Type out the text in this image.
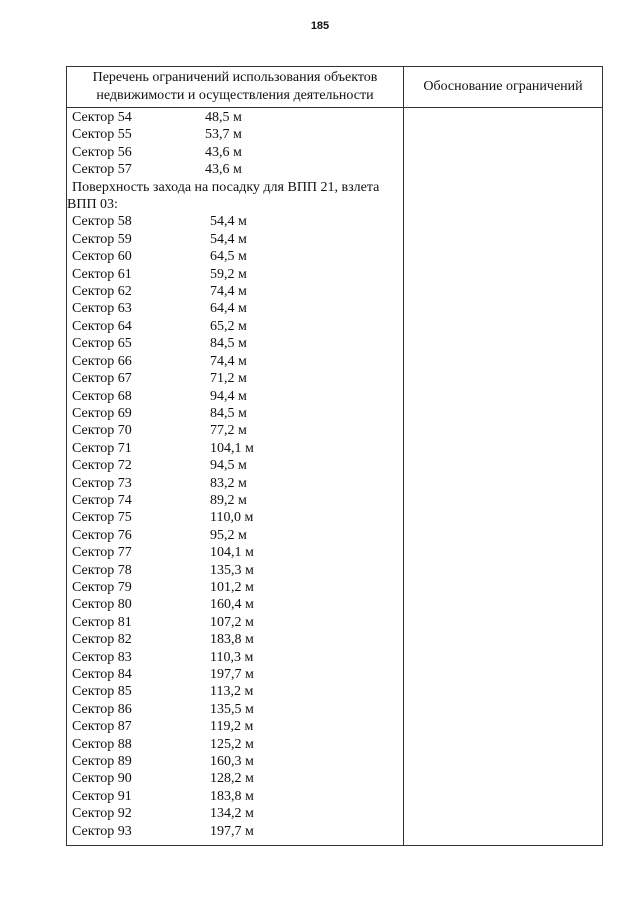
185
Перечень ограничений использования объектов
недвижимости и осуществления деятельности
Обоснование ограничений
Сектор 54	48,5 м
Сектор 55	53,7 м
Сектор 56	43,6 м
Сектор 57	43,6 м
Поверхность захода на посадку для ВПП 21, взлета
ВПП 03:
Сектор 58	54,4 м
Сектор 59	54,4 м
Сектор 60	64,5 м
Сектор 61	59,2 м
Сектор 62	74,4 м
Сектор 63	64,4 м
Сектор 64	65,2 м
Сектор 65	84,5 м
Сектор 66	74,4 м
Сектор 67	71,2 м
Сектор 68	94,4 м
Сектор 69	84,5 м
Сектор 70	77,2 м
Сектор 71	104,1 м
Сектор 72	94,5 м
Сектор 73	83,2 м
Сектор 74	89,2 м
Сектор 75	110,0 м
Сектор 76	95,2 м
Сектор 77	104,1 м
Сектор 78	135,3 м
Сектор 79	101,2 м
Сектор 80	160,4 м
Сектор 81	107,2 м
Сектор 82	183,8 м
Сектор 83	110,3 м
Сектор 84	197,7 м
Сектор 85	113,2 м
Сектор 86	135,5 м
Сектор 87	119,2 м
Сектор 88	125,2 м
Сектор 89	160,3 м
Сектор 90	128,2 м
Сектор 91	183,8 м
Сектор 92	134,2 м
Сектор 93	197,7 м
